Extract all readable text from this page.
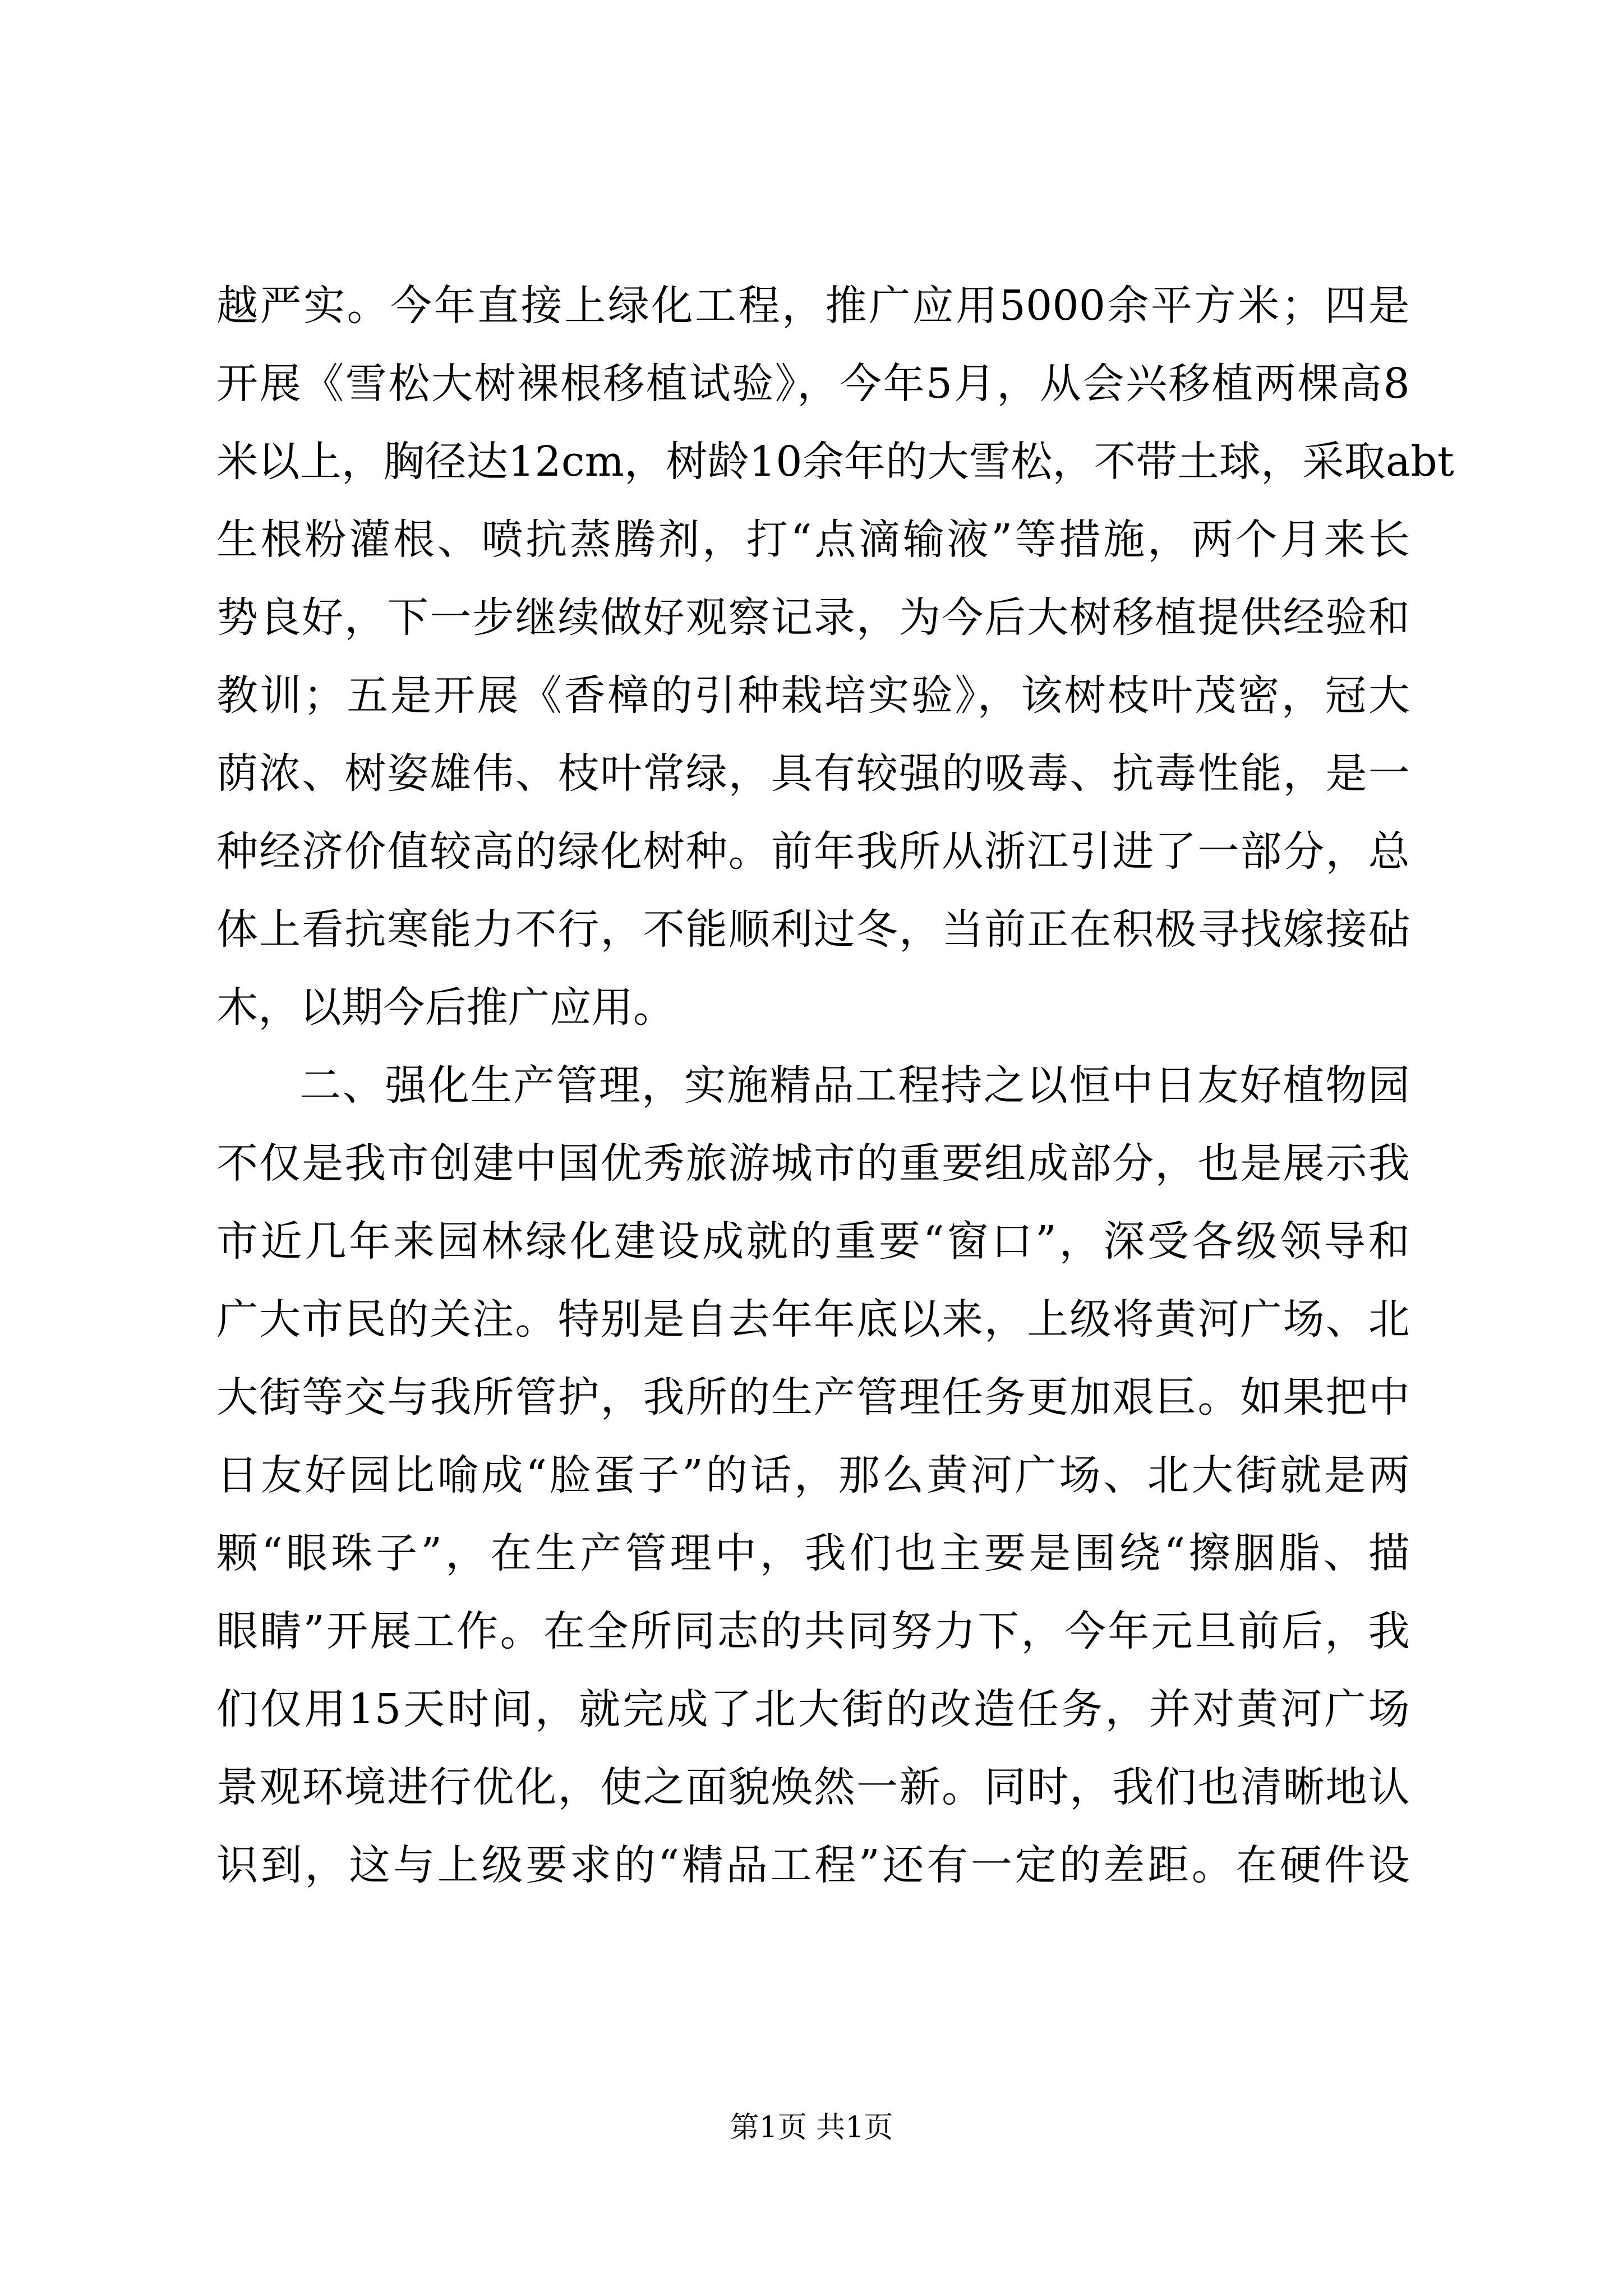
越严实。今年直接上绿化工程，推广应用5000余平方米；四是
开展《雪松大树裸根移植试验》，今年5月，从会兴移植两棵高8
米以上，胸径达12cm，树龄10余年的大雪松，不带土球，采取abt
生根粉灌根、喷抗蒸腾剂，打“点滴输液”等措施，两个月来长
势良好，下一步继续做好观察记录，为今后大树移植提供经验和
教训；五是开展《香樟的引种栽培实验》，该树枝叶茂密，冠大
荫浓、树姿雄伟、枝叶常绿，具有较强的吸毒、抗毒性能，是一
种经济价值较高的绿化树种。前年我所从浙江引进了一部分，总
体上看抗寒能力不行，不能顺利过冬，当前正在积极寻找嫁接砧
木，以期今后推广应用。
二、强化生产管理，实施精品工程持之以恒中日友好植物园
不仅是我市创建中国优秀旅游城市的重要组成部分，也是展示我
市近几年来园林绿化建设成就的重要“窗口”，深受各级领导和
广大市民的关注。特别是自去年年底以来，上级将黄河广场、北
大街等交与我所管护，我所的生产管理任务更加艰巨。如果把中
日友好园比喻成“脸蛋子”的话，那么黄河广场、北大街就是两
颗“眼珠子”，在生产管理中，我们也主要是围绕“擦胭脂、描
眼睛”开展工作。在全所同志的共同努力下，今年元旦前后，我
们仅用15天时间，就完成了北大街的改造任务，并对黄河广场
景观环境进行优化，使之面貌焕然一新。同时，我们也清晰地认
识到，这与上级要求的“精品工程”还有一定的差距。在硬件设
第1页 共1页
